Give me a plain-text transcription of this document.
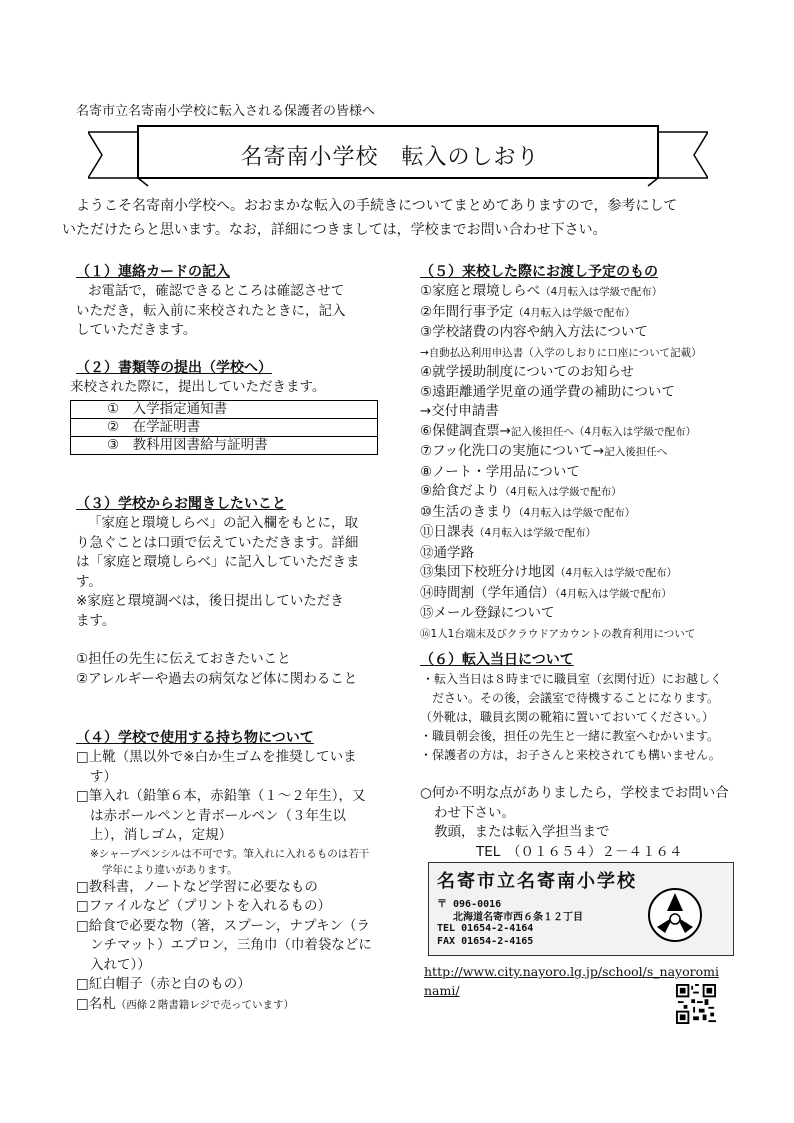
名寄市立名寄南小学校に転入される保護者の皆様へ
名寄南小学校　転入のしおり

ようこそ名寄南小学校へ。おおまかな転入の手続きについてまとめてありますので，参考にして

いただけたらと思います。なお，詳細につきましては，学校までお問い合わせ下さい。

（１）連絡カードの記入

お電話で，確認できるところは確認させて

いただき，転入前に来校されたときに，記入

していただきます。

（２）書類等の提出（学校へ）

来校された際に，提出していただきます。

①　入学指定通知書
②　在学証明書
③　教科用図書給与証明書
（３）学校からお聞きしたいこと

「家庭と環境しらべ」の記入欄をもとに，取

り急ぐことは口頭で伝えていただきます。詳細

は「家庭と環境しらべ」に記入していただきま

す。

※家庭と環境調べは，後日提出していただき

ます。

①担任の先生に伝えておきたいこと

②アレルギーや過去の病気など体に関わること

（４）学校で使用する持ち物について

□上靴（黒以外で※白か生ゴムを推奨しています）

□筆入れ（鉛筆６本，赤鉛筆（１～２年生），又は赤ボールペンと青ボールペン（３年生以上），消しゴム，定規）

※シャープペンシルは不可です。筆入れに入れるものは若干学年により違いがあります。

□教科書，ノートなど学習に必要なもの

□ファイルなど（プリントを入れるもの）

□給食で必要な物（箸，スプーン，ナプキン（ランチマット）エプロン，三角巾（巾着袋などに入れて））

□紅白帽子（赤と白のもの）

□名札（西條２階書籍レジで売っています）

（５）来校した際にお渡し予定のもの

①家庭と環境しらべ（4月転入は学級で配布）

②年間行事予定（4月転入は学級で配布）

③学校諸費の内容や納入方法について

→自動払込利用申込書（入学のしおりに口座について記載）

④就学援助制度についてのお知らせ

⑤遠距離通学児童の通学費の補助について

→交付申請書

⑥保健調査票→記入後担任へ（4月転入は学級で配布）

⑦フッ化洗口の実施について→記入後担任へ

⑧ノート・学用品について

⑨給食だより（4月転入は学級で配布）

⑩生活のきまり（4月転入は学級で配布）

⑪日課表（4月転入は学級で配布）

⑫通学路

⑬集団下校班分け地図（4月転入は学級で配布）

⑭時間割（学年通信）（4月転入は学級で配布）

⑮メール登録について

⑯1人1台端末及びクラウドアカウントの教育利用について

（６）転入当日について

・転入当日は８時までに職員室（玄関付近）にお越しください。その後，会議室で待機することになります。

（外靴は，職員玄関の靴箱に置いておいてください。）

・職員朝会後，担任の先生と一緒に教室へむかいます。

・保護者の方は，お子さんと来校されても構いません。

○何か不明な点がありましたら，学校までお問い合わせ下さい。

教頭，または転入学担当まで

TEL　（０１６５４）２－４１６４

名寄市立名寄南小学校
〒 096-0016
北海道名寄市西６条１２丁目
TEL 01654-2-4164
FAX 01654-2-4165
http://www.city.nayoro.lg.jp/school/s_nayorominami/
